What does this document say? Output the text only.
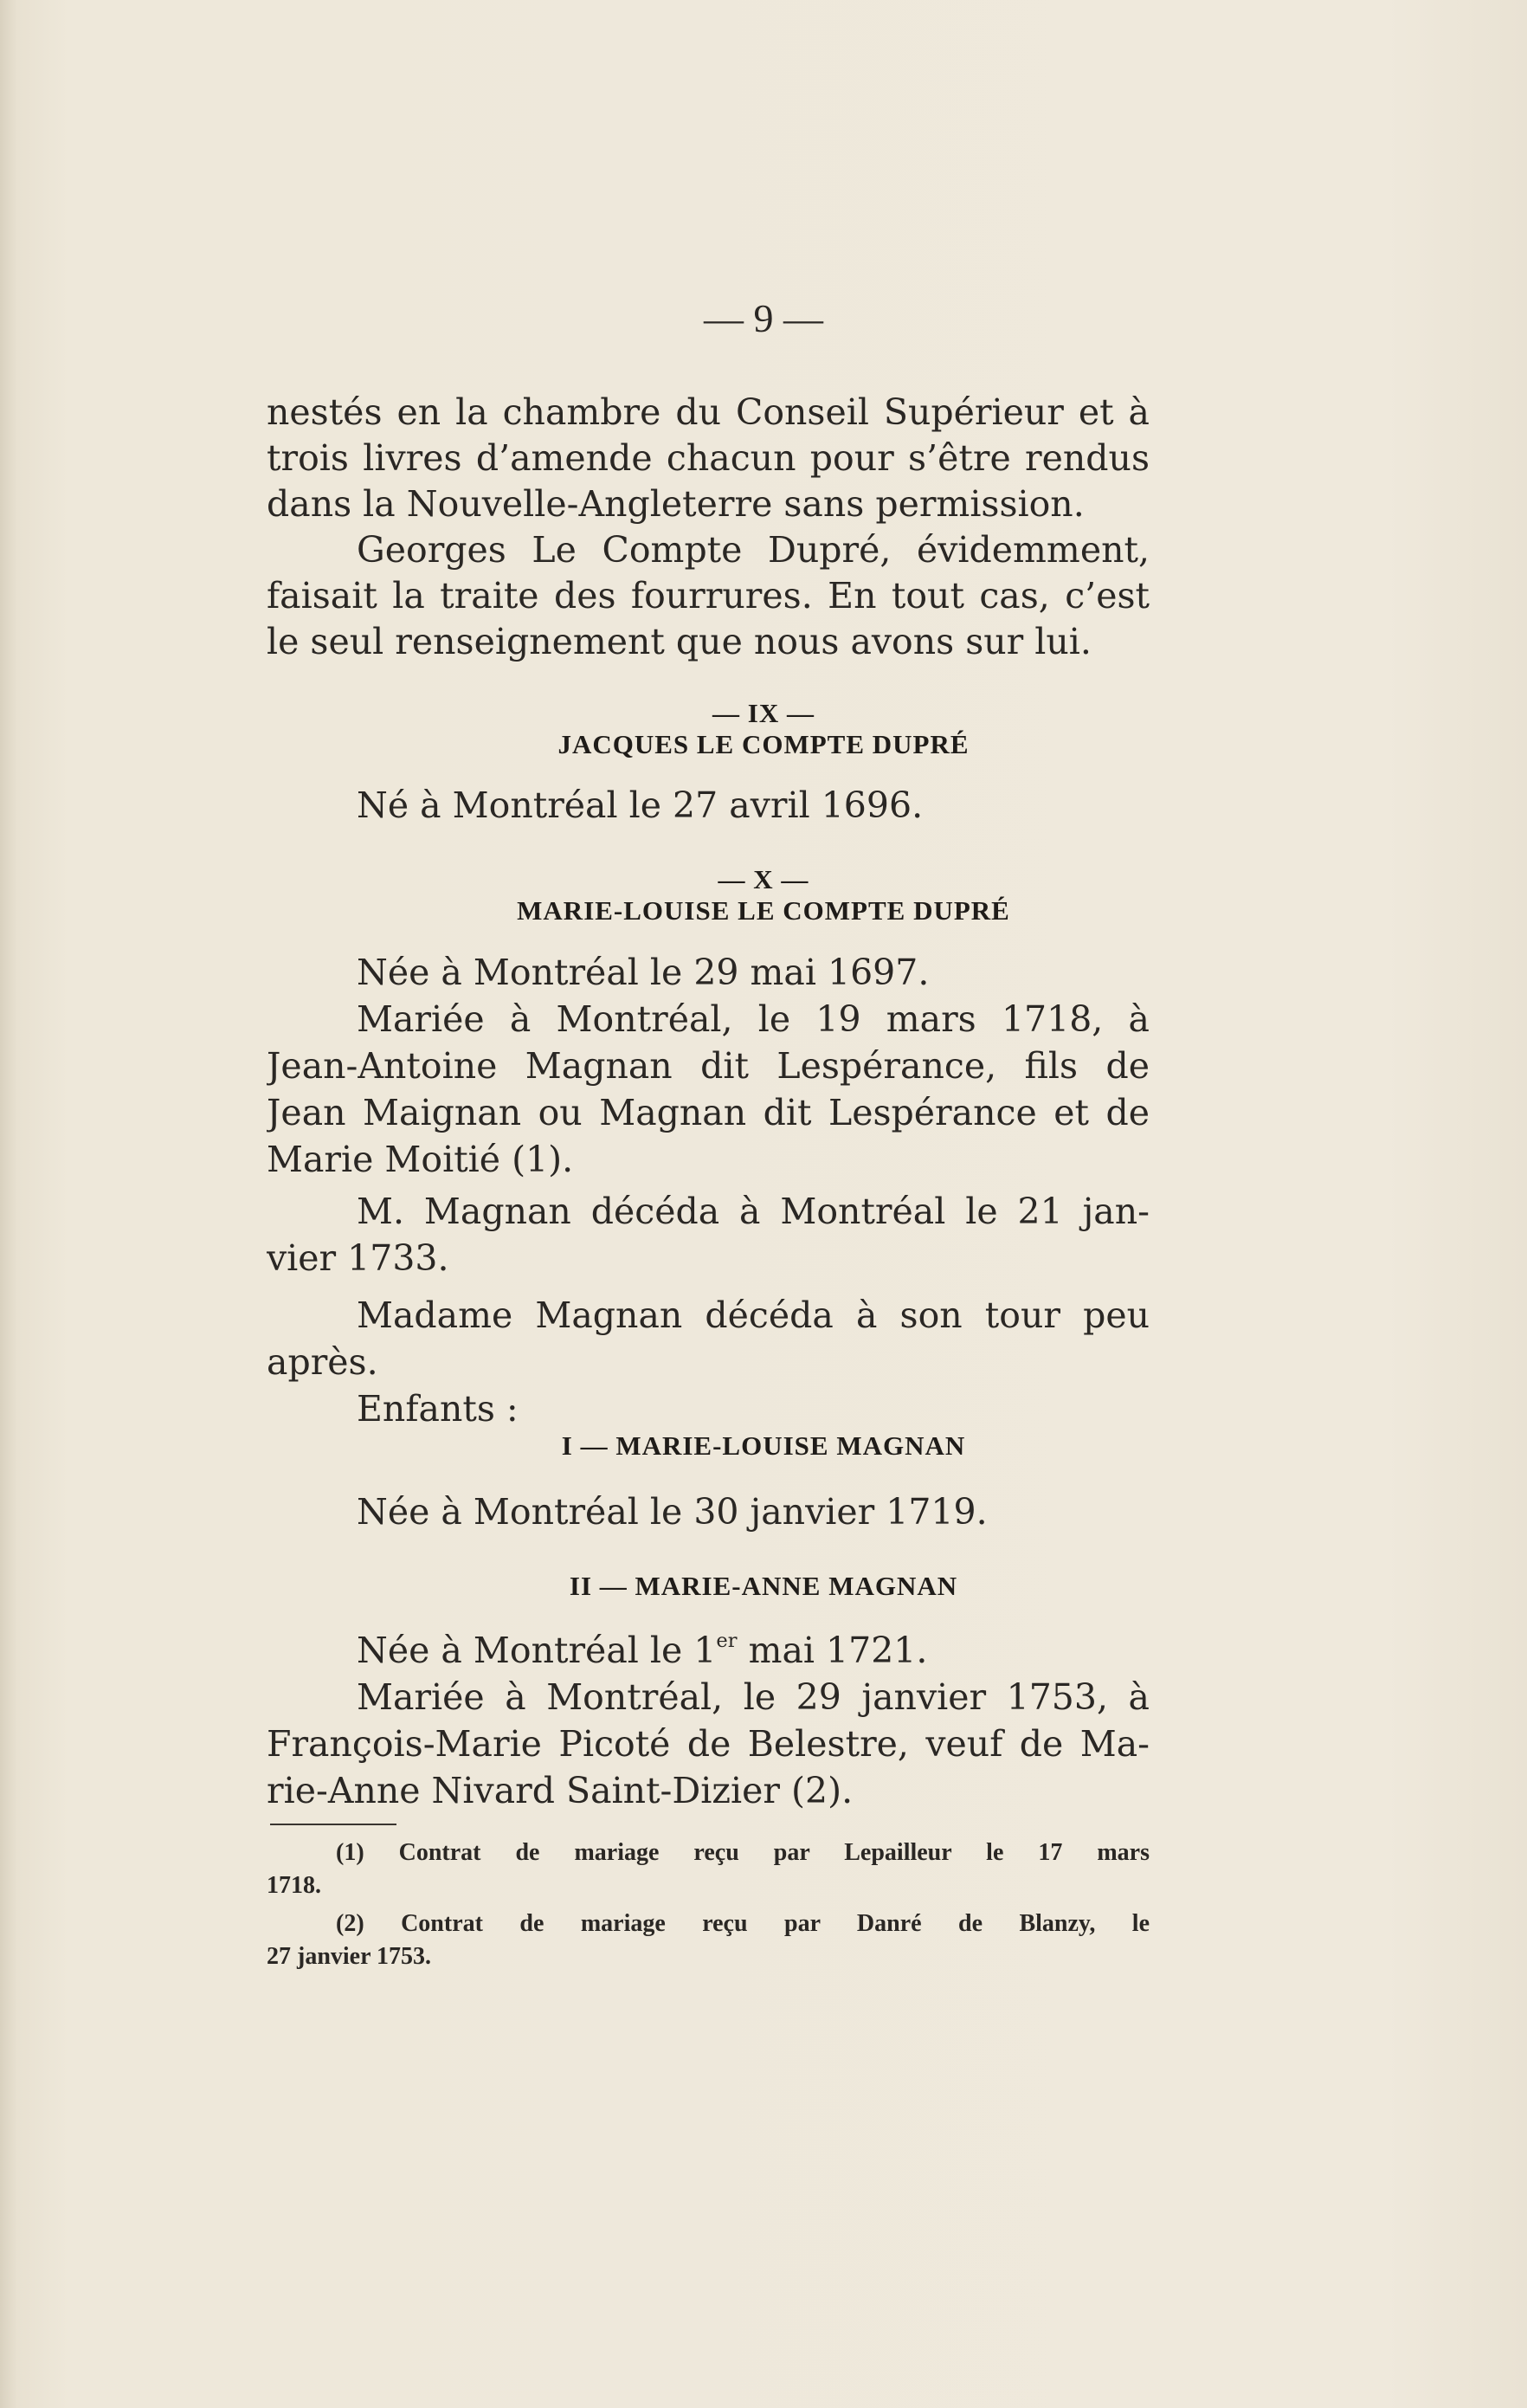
— 9 —
nestés en la chambre du Conseil Supérieur et à
trois livres d’amende chacun pour s’être rendus
dans la Nouvelle-Angleterre sans permission.
Georges Le Compte Dupré, évidemment,
faisait la traite des fourrures. En tout cas, c’est
le seul renseignement que nous avons sur lui.
— IX —
JACQUES LE COMPTE DUPRÉ
Né à Montréal le 27 avril 1696.
— X —
MARIE-LOUISE LE COMPTE DUPRÉ
Née à Montréal le 29 mai 1697.
Mariée à Montréal, le 19 mars 1718, à
Jean-Antoine Magnan dit Lespérance, fils de
Jean Maignan ou Magnan dit Lespérance et de
Marie Moitié (1).
M. Magnan décéda à Montréal le 21 jan-
vier 1733.
Madame Magnan décéda à son tour peu
après.
Enfants :
I — MARIE-LOUISE MAGNAN
Née à Montréal le 30 janvier 1719.
II — MARIE-ANNE MAGNAN
Née à Montréal le 1er mai 1721.
Mariée à Montréal, le 29 janvier 1753, à
François-Marie Picoté de Belestre, veuf de Ma-
rie-Anne Nivard Saint-Dizier (2).
(1) Contrat de mariage reçu par Lepailleur le 17 mars
1718.
(2) Contrat de mariage reçu par Danré de Blanzy, le
27 janvier 1753.
